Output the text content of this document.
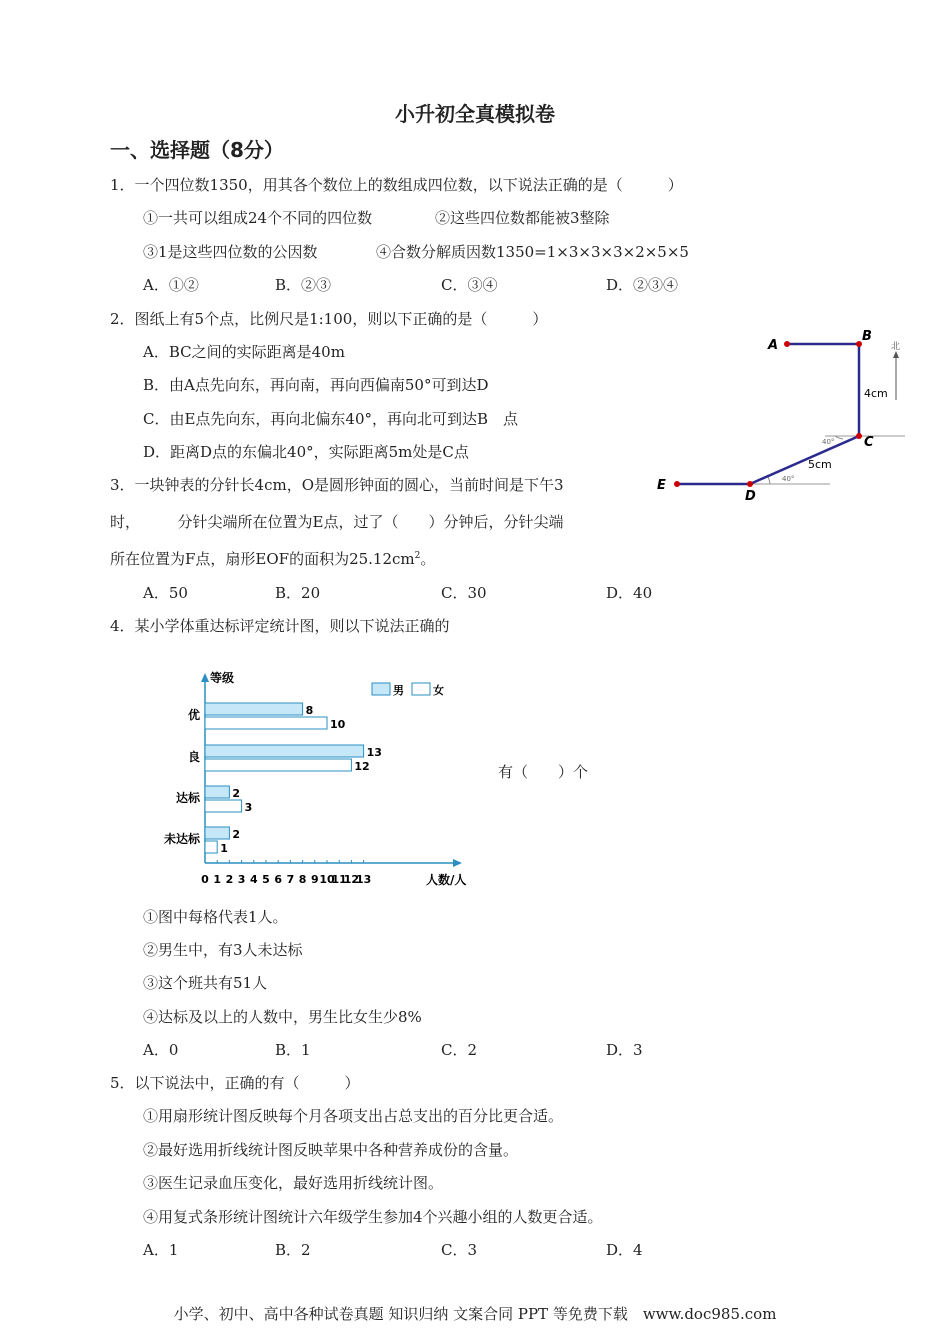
小升初全真模拟卷
一、选择题（8分）
1．一个四位数1350，用其各个数位上的数组成四位数，以下说法正确的是（　　　）
①一共可以组成24个不同的四位数	②这些四位数都能被3整除
③1是这些四位数的公因数	④合数分解质因数1350=1×3×3×3×2×5×5
A．①②	B．②③	C．③④	D．②③④
2．图纸上有5个点，比例尺是1:100，则以下正确的是（　　　）
A．BC之间的实际距离是40m
B．由A点先向东，再向南，再向西偏南50°可到达D
C．由E点先向东，再向北偏东40°，再向北可到达B　点
D．距离D点的东偏北40°，实际距离5m处是C点
北
A
B
C
D
E
4cm
5cm
40°
40°
3．一块钟表的分针长4cm，O是圆形钟面的圆心，当前时间是下午3
时，　　　分针尖端所在位置为E点，过了（　　）分钟后，分针尖端
所在位置为F点，扇形EOF的面积为$25.12cm^2$。
A．50	B．20	C．30	D．40
4．某小学体重达标评定统计图，则以下说法正确的
有（　　）个
等级
人数/人
0 1 2 3 4 5 6 7 8 9 10
11
12
13
男	女
优	8
10
良	13
12
达标	2
3
未达标	2
1
①图中每格代表1人。
②男生中，有3人未达标
③这个班共有51人
④达标及以上的人数中，男生比女生少8%
A．0	B．1	C．2	D．3
5．以下说法中，正确的有（　　　）
①用扇形统计图反映每个月各项支出占总支出的百分比更合适。
②最好选用折线统计图反映苹果中各种营养成份的含量。
③医生记录血压变化，最好选用折线统计图。
④用复式条形统计图统计六年级学生参加4个兴趣小组的人数更合适。
A．1	B．2	C．3	D．4
小学、初中、高中各种试卷真题 知识归纳 文案合同 PPT 等免费下载　www.doc985.com
